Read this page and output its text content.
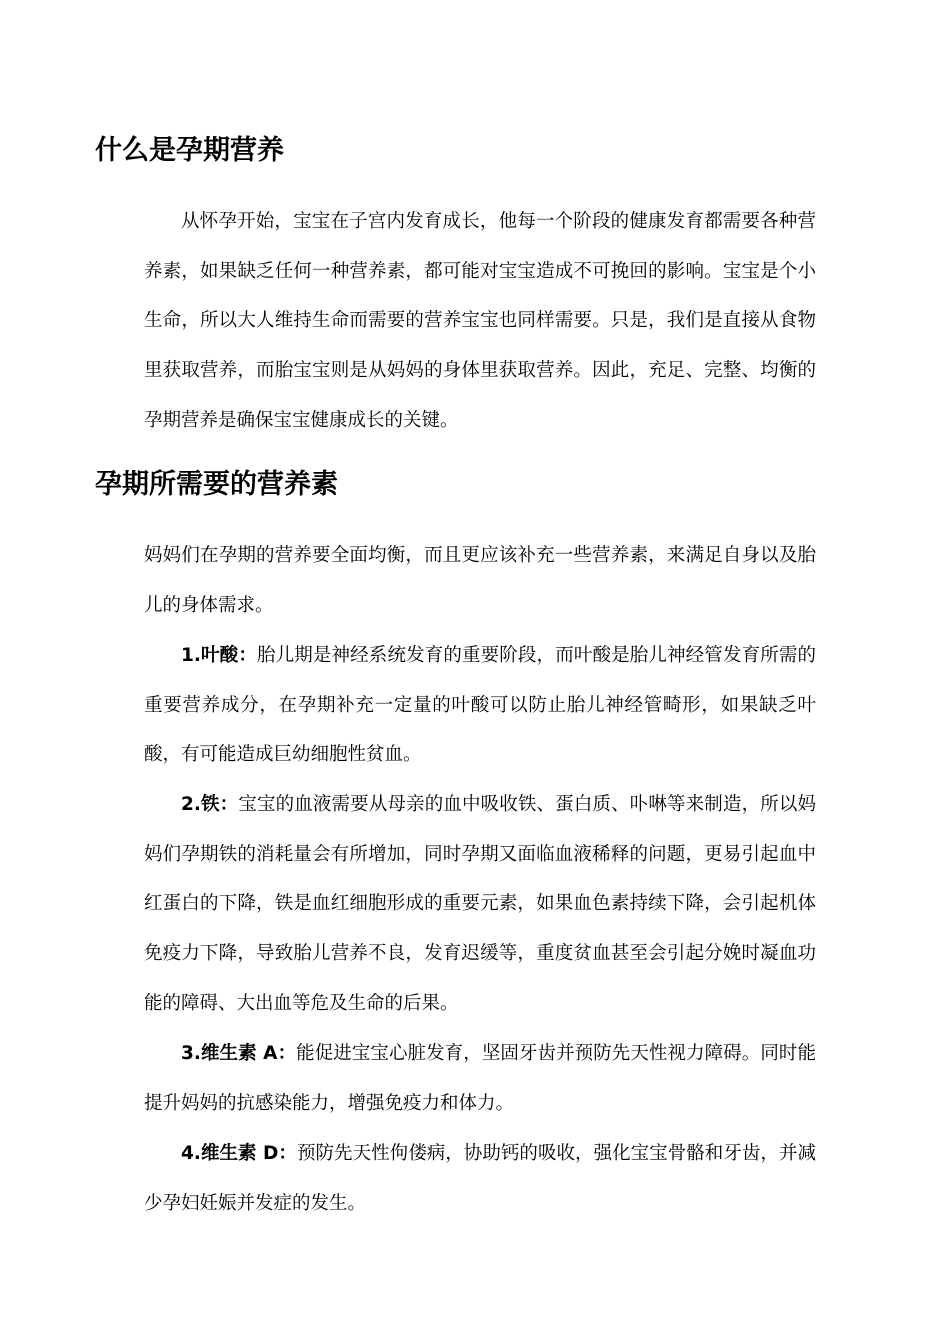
什么是孕期营养

从怀孕开始，宝宝在子宫内发育成长，他每一个阶段的健康发育都需要各种营养素，如果缺乏任何一种营养素，都可能对宝宝造成不可挽回的影响。宝宝是个小生命，所以大人维持生命而需要的营养宝宝也同样需要。只是，我们是直接从食物里获取营养，而胎宝宝则是从妈妈的身体里获取营养。因此，充足、完整、均衡的孕期营养是确保宝宝健康成长的关键。

孕期所需要的营养素

妈妈们在孕期的营养要全面均衡，而且更应该补充一些营养素，来满足自身以及胎儿的身体需求。

1.叶酸：胎儿期是神经系统发育的重要阶段，而叶酸是胎儿神经管发育所需的重要营养成分，在孕期补充一定量的叶酸可以防止胎儿神经管畸形，如果缺乏叶酸，有可能造成巨幼细胞性贫血。

2.铁：宝宝的血液需要从母亲的血中吸收铁、蛋白质、卟啉等来制造，所以妈妈们孕期铁的消耗量会有所增加，同时孕期又面临血液稀释的问题，更易引起血中红蛋白的下降，铁是血红细胞形成的重要元素，如果血色素持续下降，会引起机体免疫力下降，导致胎儿营养不良，发育迟缓等，重度贫血甚至会引起分娩时凝血功能的障碍、大出血等危及生命的后果。

3.维生素 A：能促进宝宝心脏发育，坚固牙齿并预防先天性视力障碍。同时能提升妈妈的抗感染能力，增强免疫力和体力。

4.维生素 D：预防先天性佝偻病，协助钙的吸收，强化宝宝骨骼和牙齿，并减少孕妇妊娠并发症的发生。
